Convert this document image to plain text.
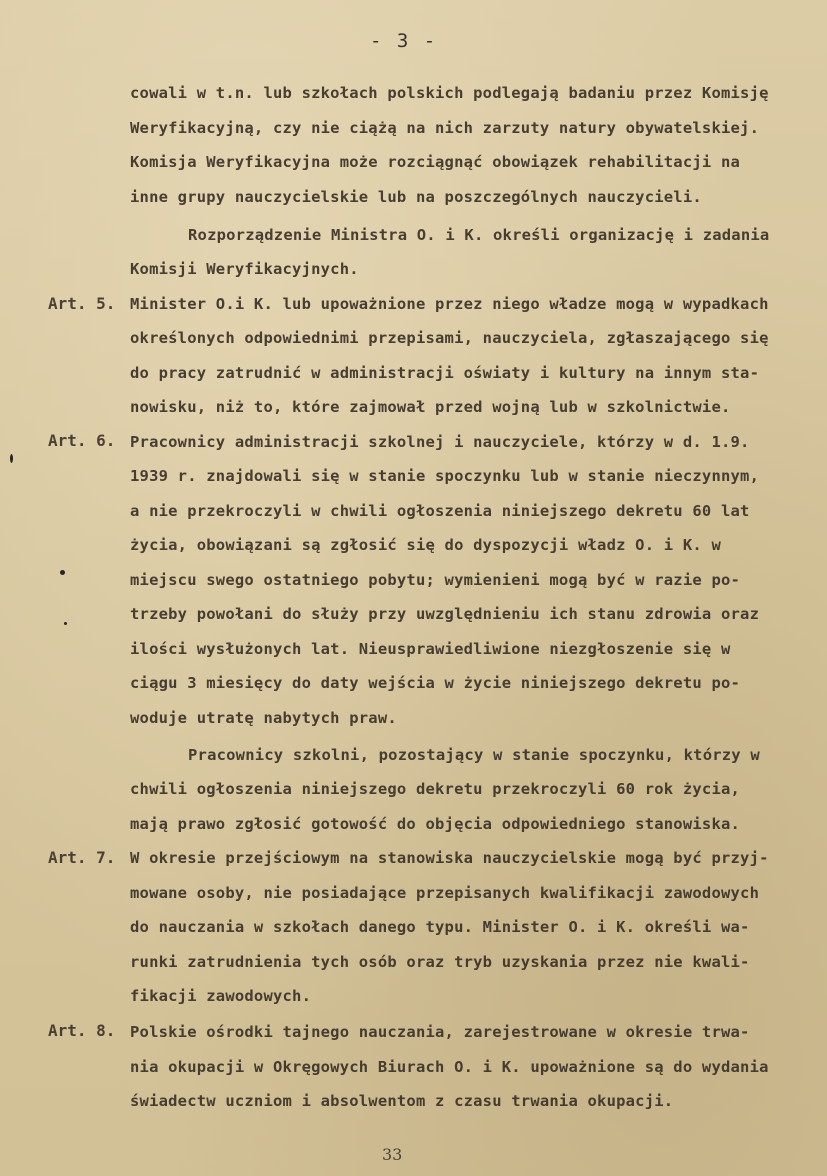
- 3 -
Art. 5.
Art. 6.
Art. 7.
Art. 8.
cowali w t.n. lub szkołach polskich podlegają badaniu przez Komisję
Weryfikacyjną, czy nie ciążą na nich zarzuty natury obywatelskiej.
Komisja Weryfikacyjna może rozciągnąć obowiązek rehabilitacji na
inne grupy nauczycielskie lub na poszczególnych nauczycieli.
Rozporządzenie Ministra O. i K. określi organizację i zadania
Komisji Weryfikacyjnych.
Minister O.i K. lub upoważnione przez niego władze mogą w wypadkach
określonych odpowiednimi przepisami, nauczyciela, zgłaszającego się
do pracy zatrudnić w administracji oświaty i kultury na innym sta-
nowisku, niż to, które zajmował przed wojną lub w szkolnictwie.
Pracownicy administracji szkolnej i nauczyciele, którzy w d. 1.9.
1939 r. znajdowali się w stanie spoczynku lub w stanie nieczynnym,
a nie przekroczyli w chwili ogłoszenia niniejszego dekretu 60 lat
życia, obowiązani są zgłosić się do dyspozycji władz O. i K. w
miejscu swego ostatniego pobytu; wymienieni mogą być w razie po-
trzeby powołani do służy przy uwzględnieniu ich stanu zdrowia oraz
ilości wysłużonych lat. Nieusprawiedliwione niezgłoszenie się w
ciągu 3 miesięcy do daty wejścia w życie niniejszego dekretu po-
woduje utratę nabytych praw.
Pracownicy szkolni, pozostający w stanie spoczynku, którzy w
chwili ogłoszenia niniejszego dekretu przekroczyli 60 rok życia,
mają prawo zgłosić gotowość do objęcia odpowiedniego stanowiska.
W okresie przejściowym na stanowiska nauczycielskie mogą być przyj-
mowane osoby, nie posiadające przepisanych kwalifikacji zawodowych
do nauczania w szkołach danego typu. Minister O. i K. określi wa-
runki zatrudnienia tych osób oraz tryb uzyskania przez nie kwali-
fikacji zawodowych.
Polskie ośrodki tajnego nauczania, zarejestrowane w okresie trwa-
nia okupacji w Okręgowych Biurach O. i K. upoważnione są do wydania
świadectw uczniom i absolwentom z czasu trwania okupacji.
33
